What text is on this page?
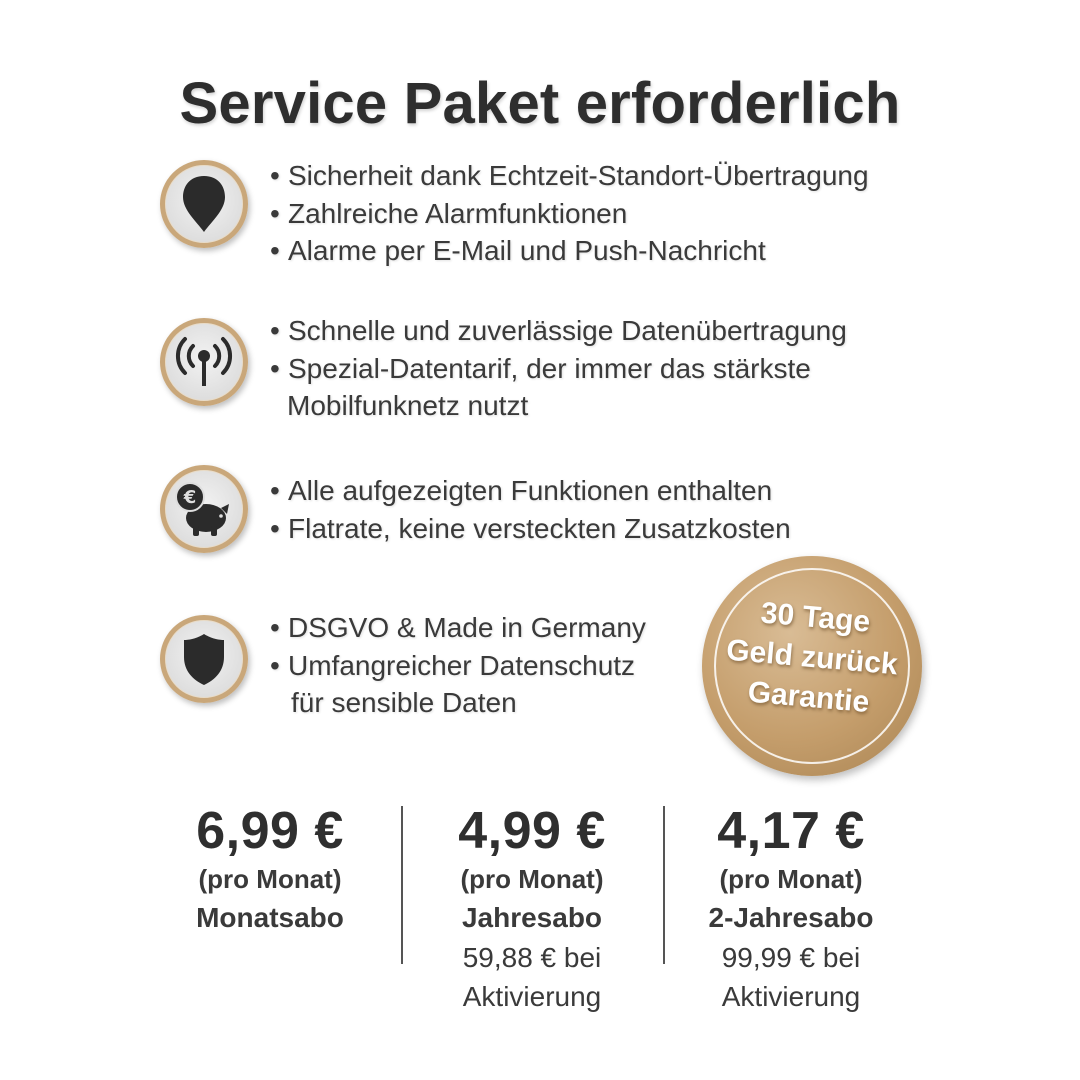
Service Paket erforderlich
• Sicherheit dank Echtzeit-Standort-Übertragung
• Zahlreiche Alarmfunktionen
• Alarme per E-Mail und Push-Nachricht
• Schnelle und zuverlässige Datenübertragung
• Spezial-Datentarif, der immer das stärkste
Mobilfunknetz nutzt
€	• Alle aufgezeigten Funktionen enthalten
• Flatrate, keine versteckten Zusatzkosten
• DSGVO & Made in Germany
• Umfangreicher Datenschutz
für sensible Daten
30 Tage
Geld zurück
Garantie
6,99 €
(pro Monat)
Monatsabo
4,99 €
(pro Monat)
Jahresabo
59,88 € bei
Aktivierung
4,17 €
(pro Monat)
2-Jahresabo
99,99 € bei
Aktivierung
